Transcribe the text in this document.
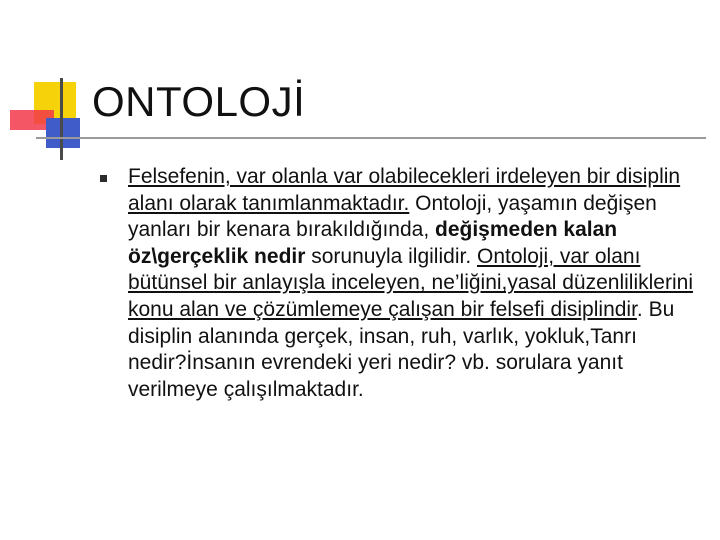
ONTOLOJİ
Felsefenin, var olanla var olabilecekleri irdeleyen bir disiplin alanı olarak tanımlanmaktadır. Ontoloji, yaşamın değişen yanları bir kenara bırakıldığında, değişmeden kalan öz\gerçeklik nedir sorunuyla ilgilidir. Ontoloji, var olanı bütünsel bir anlayışla inceleyen, ne’liğini,yasal düzenliliklerini konu alan ve çözümlemeye çalışan bir felsefi disiplindir. Bu disiplin alanında gerçek, insan, ruh, varlık, yokluk,Tanrı nedir?İnsanın evrendeki yeri nedir? vb. sorulara yanıt verilmeye çalışılmaktadır.
